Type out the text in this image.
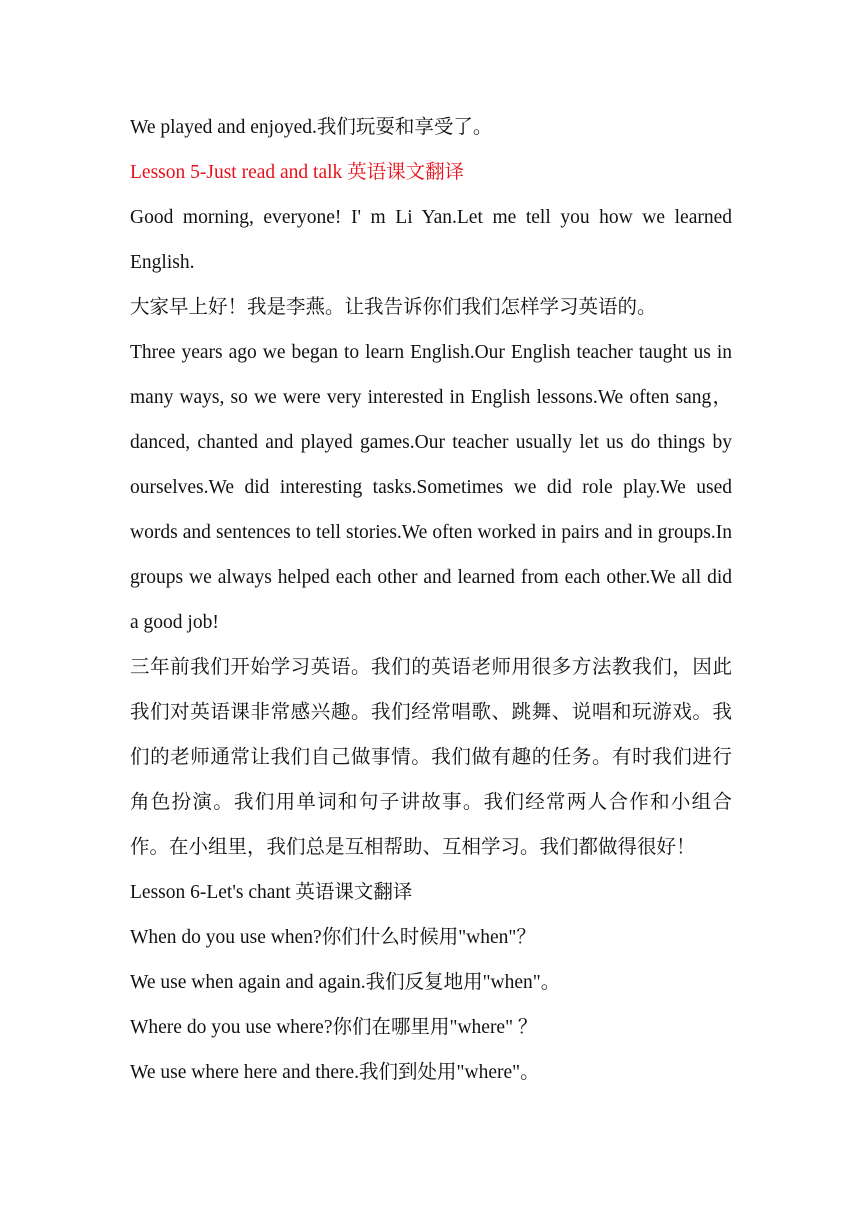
We played and enjoyed.我们玩耍和享受了。

Lesson 5-Just read and talk 英语课文翻译

Good morning, everyone! I' m Li Yan.Let me tell you how we learned English.

大家早上好！我是李燕。让我告诉你们我们怎样学习英语的。

Three years ago we began to learn English.Our English teacher taught us in many ways, so we were very interested in English lessons.We often sang， danced, chanted and played games.Our teacher usually let us do things by ourselves.We did interesting tasks.Sometimes we did role play.We used words and sentences to tell stories.We often worked in pairs and in groups.In groups we always helped each other and learned from each other.We all did a good job!

三年前我们开始学习英语。我们的英语老师用很多方法教我们，因此我们对英语课非常感兴趣。我们经常唱歌、跳舞、说唱和玩游戏。我们的老师通常让我们自己做事情。我们做有趣的任务。有时我们进行角色扮演。我们用单词和句子讲故事。我们经常两人合作和小组合作。在小组里，我们总是互相帮助、互相学习。我们都做得很好！

Lesson 6-Let's chant 英语课文翻译

When do you use when?你们什么时候用"when"？

We use when again and again.我们反复地用"when"。

Where do you use where?你们在哪里用"where" ？

We use where here and there.我们到处用"where"。
